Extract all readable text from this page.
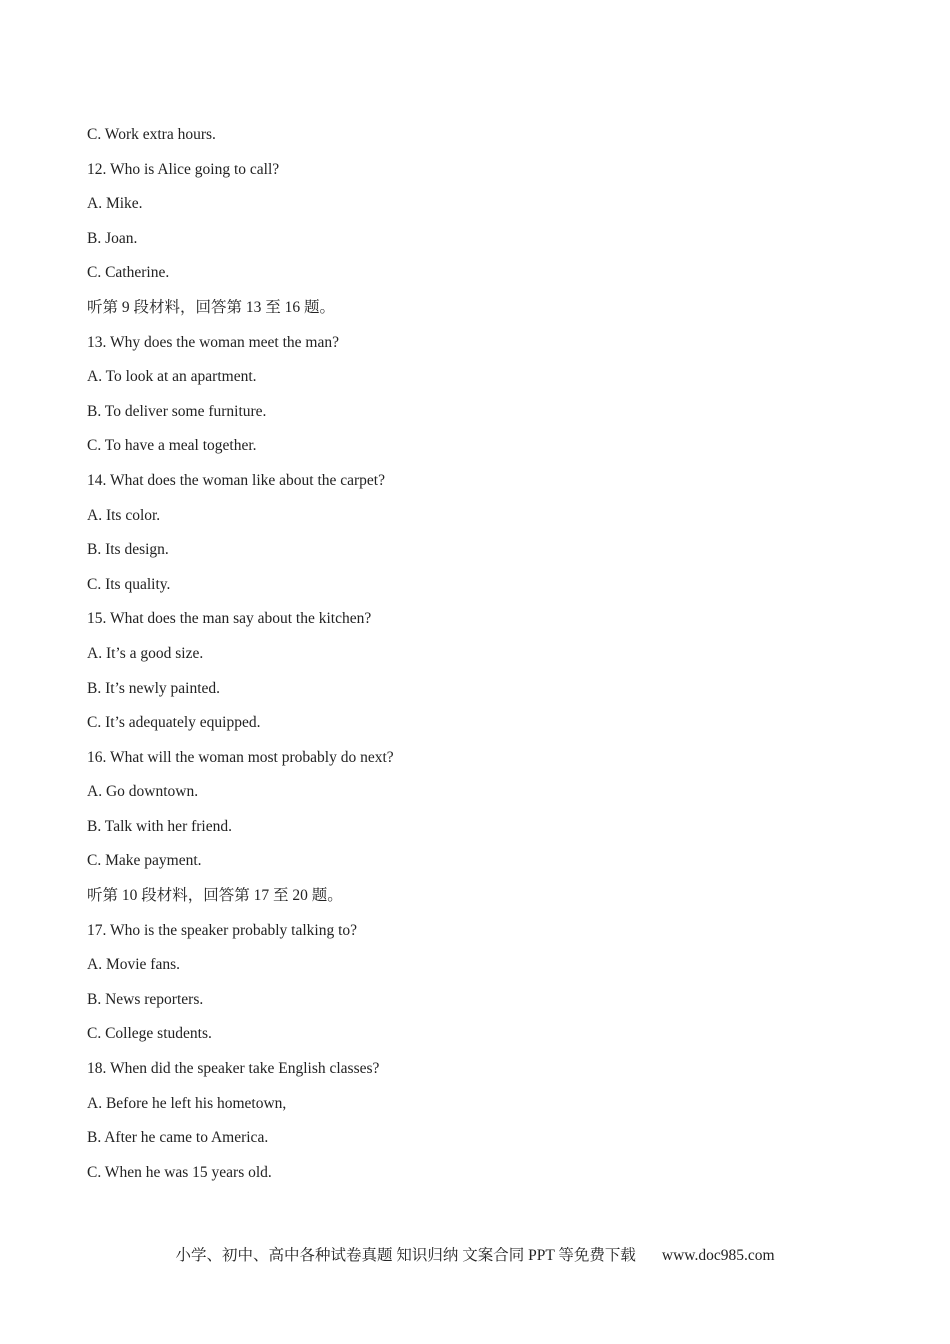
C. Work extra hours.
12. Who is Alice going to call?
A. Mike.
B. Joan.
C. Catherine.
听第 9 段材料，回答第 13 至 16 题。
13. Why does the woman meet the man?
A. To look at an apartment.
B. To deliver some furniture.
C. To have a meal together.
14. What does the woman like about the carpet?
A. Its color.
B. Its design.
C. Its quality.
15. What does the man say about the kitchen?
A. It’s a good size.
B. It’s newly painted.
C. It’s adequately equipped.
16. What will the woman most probably do next?
A. Go downtown.
B. Talk with her friend.
C. Make payment.
听第 10 段材料，回答第 17 至 20 题。
17. Who is the speaker probably talking to?
A. Movie fans.
B. News reporters.
C. College students.
18. When did the speaker take English classes?
A. Before he left his hometown,
B. After he came to America.
C. When he was 15 years old.
小学、初中、高中各种试卷真题 知识归纳 文案合同 PPT 等免费下载 www.doc985.com
